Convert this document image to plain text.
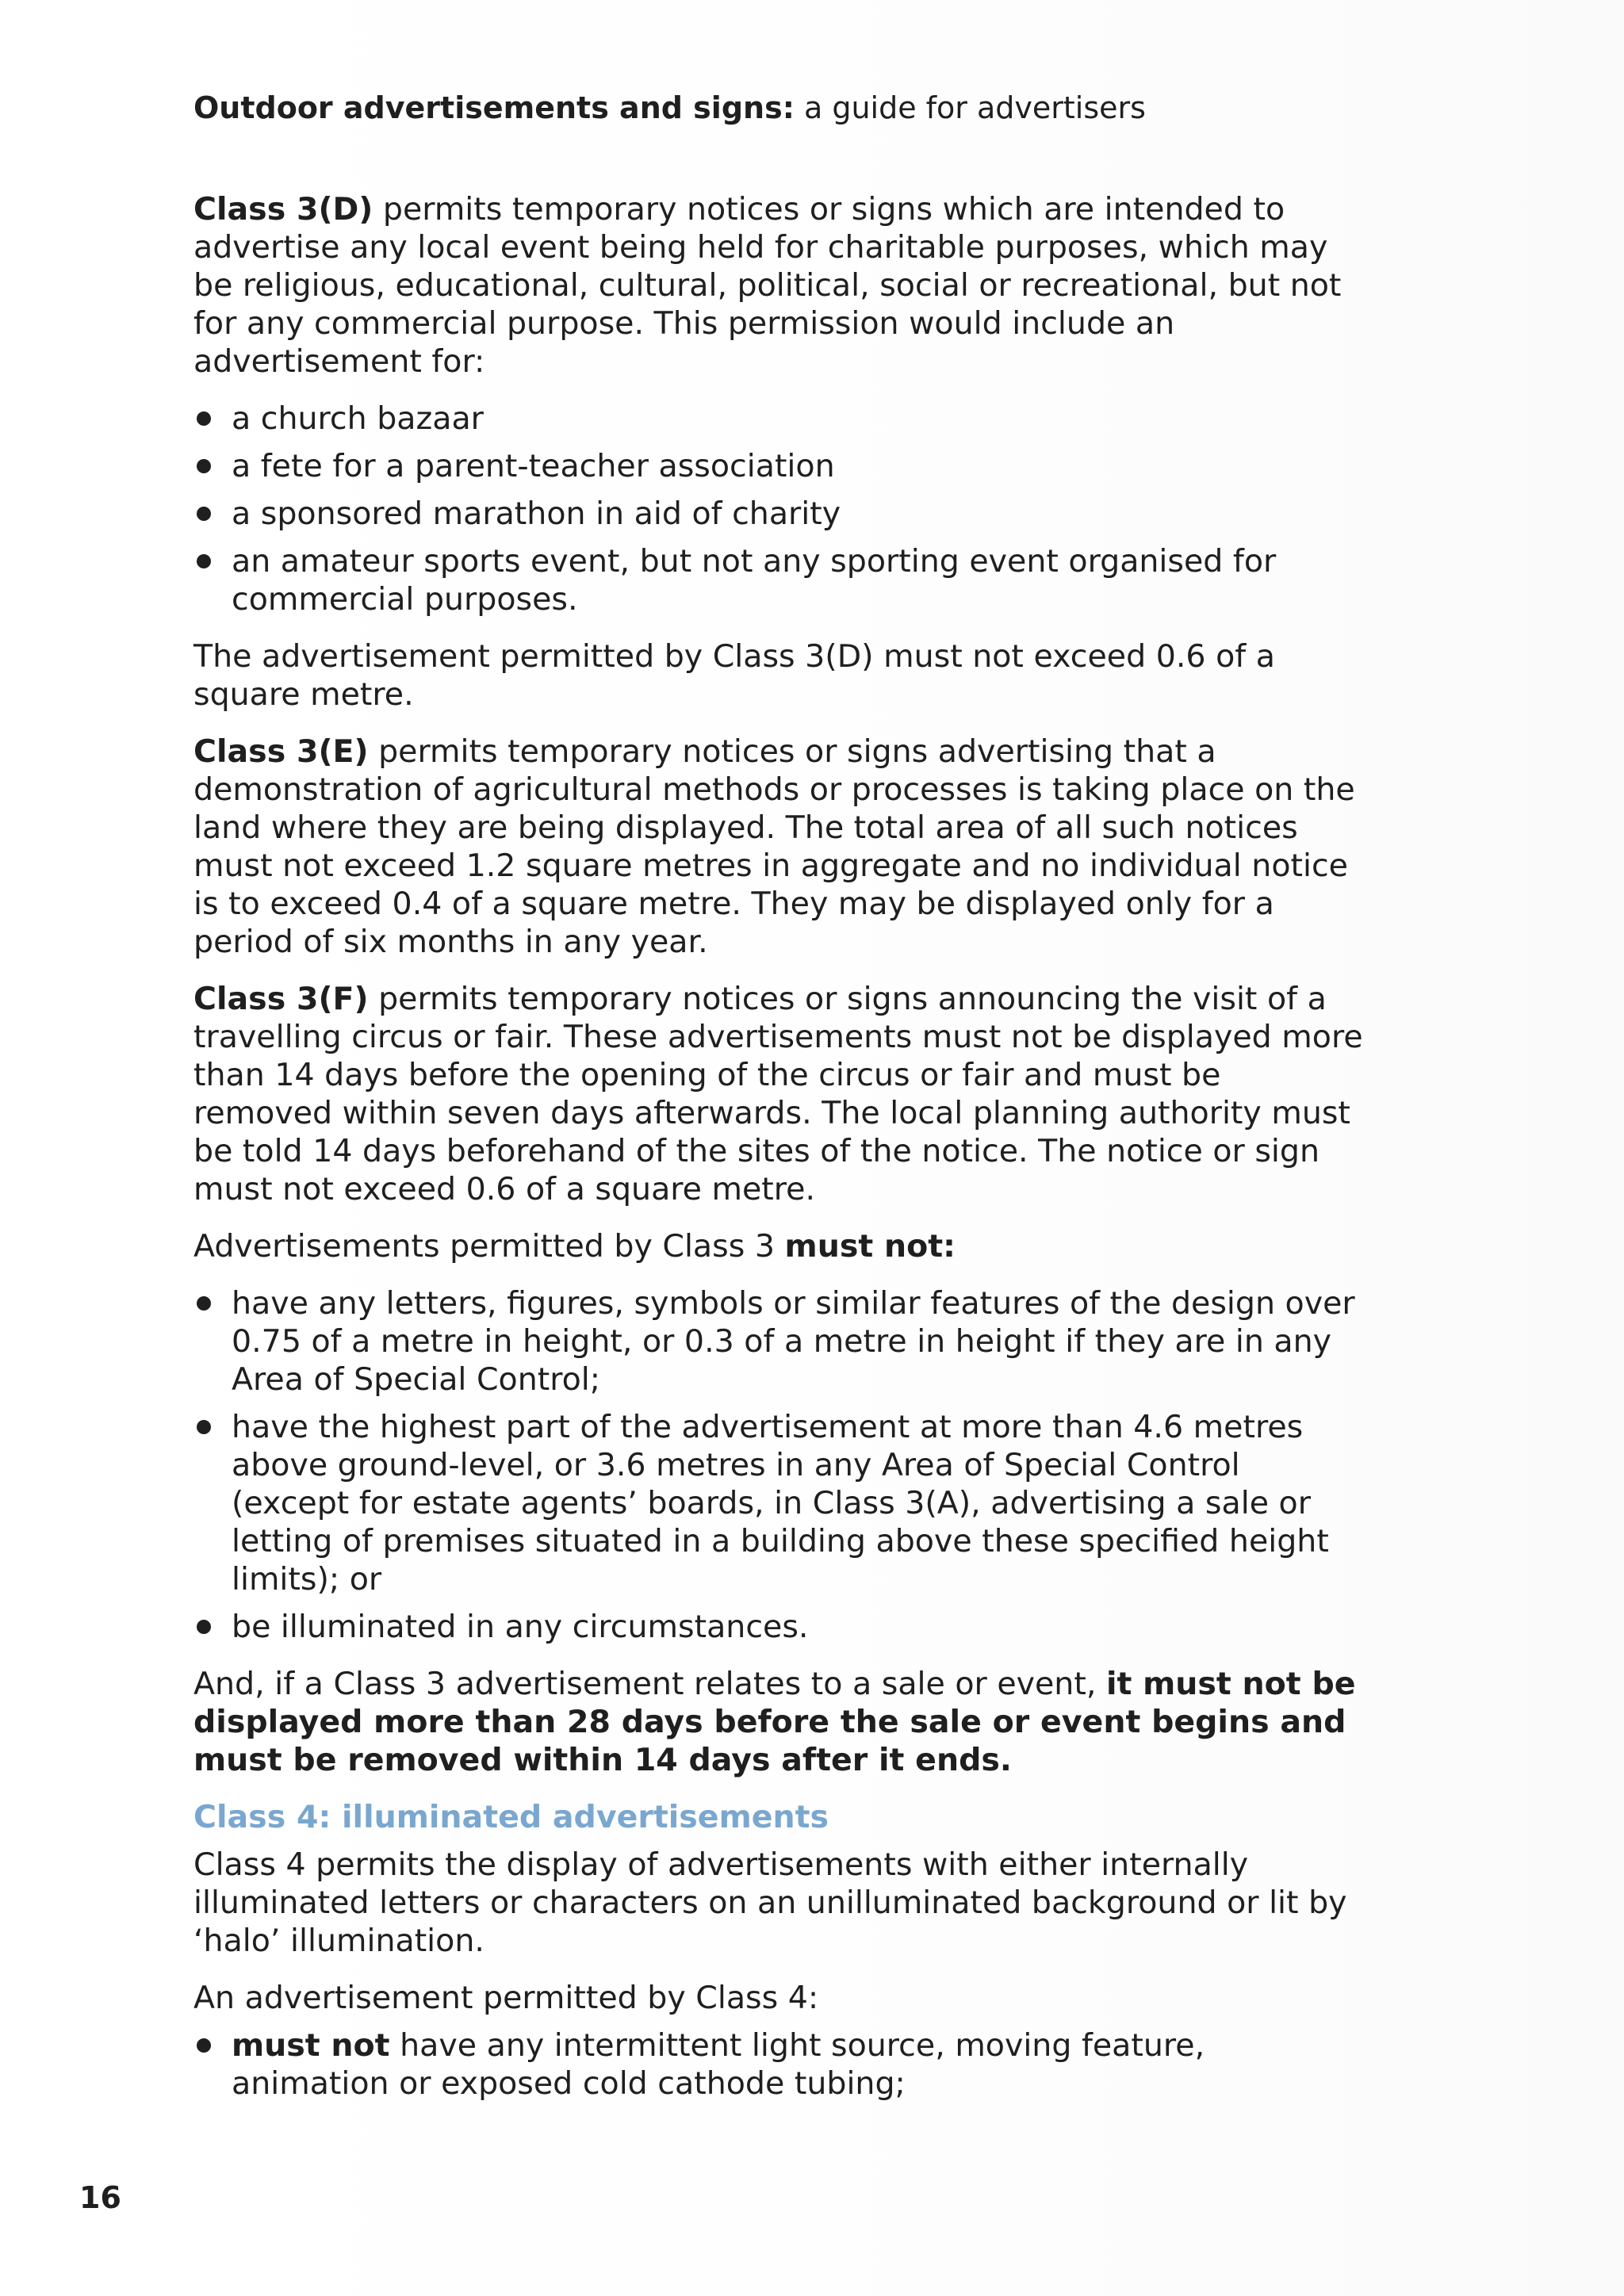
Outdoor advertisements and signs: a guide for advertisers

Class 3(D) permits temporary notices or signs which are intended to advertise any local event being held for charitable purposes, which may be religious, educational, cultural, political, social or recreational, but not for any commercial purpose. This permission would include an advertisement for:

a church bazaar
a fete for a parent-teacher association
a sponsored marathon in aid of charity
an amateur sports event, but not any sporting event organised for commercial purposes.

The advertisement permitted by Class 3(D) must not exceed 0.6 of a square metre.

Class 3(E) permits temporary notices or signs advertising that a demonstration of agricultural methods or processes is taking place on the land where they are being displayed. The total area of all such notices must not exceed 1.2 square metres in aggregate and no individual notice is to exceed 0.4 of a square metre. They may be displayed only for a period of six months in any year.

Class 3(F) permits temporary notices or signs announcing the visit of a travelling circus or fair. These advertisements must not be displayed more than 14 days before the opening of the circus or fair and must be removed within seven days afterwards. The local planning authority must be told 14 days beforehand of the sites of the notice. The notice or sign must not exceed 0.6 of a square metre.

Advertisements permitted by Class 3 must not:

have any letters, figures, symbols or similar features of the design over 0.75 of a metre in height, or 0.3 of a metre in height if they are in any Area of Special Control;
have the highest part of the advertisement at more than 4.6 metres above ground-level, or 3.6 metres in any Area of Special Control (except for estate agents’ boards, in Class 3(A), advertising a sale or letting of premises situated in a building above these specified height limits); or
be illuminated in any circumstances.

And, if a Class 3 advertisement relates to a sale or event, it must not be displayed more than 28 days before the sale or event begins and must be removed within 14 days after it ends.

Class 4: illuminated advertisements

Class 4 permits the display of advertisements with either internally illuminated letters or characters on an unilluminated background or lit by ‘halo’ illumination.

An advertisement permitted by Class 4:

must not have any intermittent light source, moving feature, animation or exposed cold cathode tubing;
16
